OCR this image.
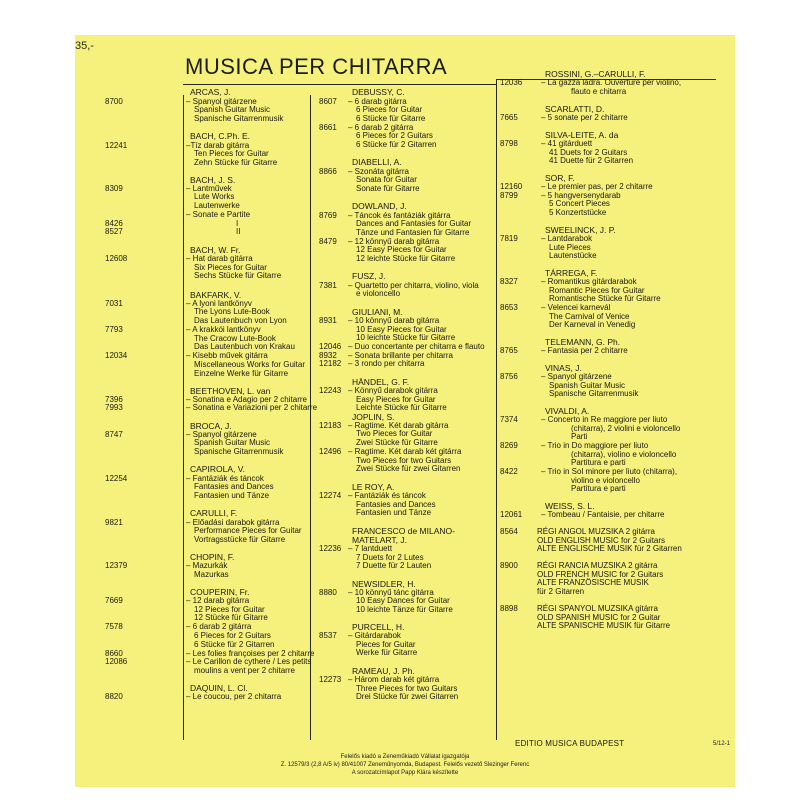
35,-
MUSICA PER CHITARRA
ARCAS, J.
8700	– Spanyol gitárzene
Spanish Guitar Music
Spanische Gitarrenmusik
BACH, C.Ph. E.
12241	–Tíz darab gitárra
Ten Pieces for Guitar
Zehn Stücke für Gitarre
BACH, J. S.
8309	– Lantművek
Lute Works
Lautenwerke
– Sonate e Partite
8426	I
8527	II
BACH, W. Fr.
12608	– Hat darab gitárra
Six Pieces for Guitar
Sechs Stücke für Gitarre
BAKFARK, V.
7031	– A lyoni lantkönyv
The Lyons Lute-Book
Das Lautenbuch von Lyon
7793	– A krakkói lantkönyv
The Cracow Lute-Book
Das Lautenbuch von Krakau
12034	– Kisebb művek gitárra
Miscellaneous Works for Guitar
Einzelne Werke für Gitarre
BEETHOVEN, L. van
7396	– Sonatina e Adagio per 2 chitarre
7993	– Sonatina e Variazioni per 2 chitarre
BROCA, J.
8747	– Spanyol gitárzene
Spanish Guitar Music
Spanische Gitarrenmusik
CAPIROLA, V.
12254	– Fantáziák és táncok
Fantasies and Dances
Fantasien und Tänze
CARULLI, F.
9821	– Előadási darabok gitárra
Performance Pieces for Guitar
Vortragsstücke für Gitarre
CHOPIN, F.
12379	– Mazurkák
Mazurkas
COUPERIN, Fr.
7669	– 12 darab gitárra
12 Pieces for Guitar
12 Stücke für Gitarre
7578	– 6 darab 2 gitárra
6 Pieces for 2 Guitars
6 Stücke für 2 Gitarren
8660	– Les folies françoises per 2 chitarre
12086	– Le Carillon de cythere / Les petits
moulins a vent per 2 chitarre
DAQUIN, L. Cl.
8820	– Le coucou, per 2 chitarra
DEBUSSY, C.
8607 – 6 darab gitárra
6 Pieces for Guitar
6 Stücke für Gitarre
8661 – 6 darab 2 gitárra
6 Pieces for 2 Guitars
6 Stücke für 2 Gitarren
DIABELLI, A.
8866 – Szonáta gitárra
Sonata for Guitar
Sonate für Gitarre
DOWLAND, J.
8769 – Táncok és fantáziák gitárra
Dances and Fantasies for Guitar
Tänze und Fantasien für Gitarre
8479 – 12 könnyű darab gitárra
12 Easy Pieces for Guitar
12 leichte Stücke für Gitarre
FUSZ, J.
7381 – Quartetto per chitarra, violino, viola
e violoncello
GIULIANI, M.
8931 – 10 könnyű darab gitárra
10 Easy Pieces for Guitar
10 leichte Stücke für Gitarre
12046 – Duo concertante per chitarra e flauto
8932 – Sonata brillante per chitarra
12182 – 3 rondo per chitarra
HÄNDEL, G. F.
12243 – Könnyű darabok gitárra
Easy Pieces for Guitar
Leichte Stücke für Gitarre
JOPLIN, S.
12183 – Ragtime. Két darab gitárra
Two Pieces for Guitar
Zwei Stücke für Gitarre
12496 – Ragtime. Két darab két gitárra
Two Pieces for two Guitars
Zwei Stücke für zwei Gitarren
LE ROY, A.
12274 – Fantáziák és táncok
Fantasies and Dances
Fantasien und Tänze
FRANCESCO de MILANO-
MATELART, J.
12236 – 7 lantduett
7 Duets for 2 Lutes
7 Duette für 2 Lauten
NEWSIDLER, H.
8880 – 10 könnyű tánc gitárra
10 Easy Dances for Guitar
10 leichte Tänze für Gitarre
PURCELL, H.
8537 – Gitárdarabok
Pieces for Guitar
Werke für Gitarre
RAMEAU, J. Ph.
12273 – Három darab két gitárra
Three Pieces for two Guitars
Drei Stücke für zwei Gitarren
ROSSINI, G.–CARULLI, F.
12036 – La gazza ladra. Ouverture per violino,
flauto e chitarra
SCARLATTI, D.
7665	– 5 sonate per 2 chitarre
SILVA-LEITE, A. da
8798	– 41 gitárduett
41 Duets for 2 Guitars
41 Duette für 2 Gitarren
SOR, F.
12160 – Le premier pas, per 2 chitarre
8799	– 5 hangversenydarab
5 Concert Pieces
5 Konzertstücke
SWEELINCK, J. P.
7819	– Lantdarabok
Lute Pieces
Lautenstücke
TÁRREGA, F.
8327	– Romantikus gitárdarabok
Romantic Pieces for Guitar
Romantische Stücke für Gitarre
8653	– Velencei karnevál
The Carnival of Venice
Der Karneval in Venedig
TELEMANN, G. Ph.
8765	– Fantasia per 2 chitarre
VINAS, J.
8756	– Spanyol gitárzene
Spanish Guitar Music
Spanische Gitarrenmusik
VIVALDI, A.
7374	– Concerto in Re maggiore per liuto
(chitarra), 2 violini e violoncello
Parti
8269	– Trio in Do maggiore per liuto
(chitarra), violino e violoncello
Partitura e parti
8422	– Trio in Sol minore per liuto (chitarra),
violino e violoncello
Partitura e parti
WEISS, S. L.
12061 – Tombeau / Fantaisie, per chitarre
8564 RÉGI ANGOL MUZSIKA 2 gitárra
OLD ENGLISH MUSIC for 2 Guitars
ALTE ENGLISCHE MUSIK für 2 Gitarren
8900 RÉGI RANCIA MUZSIKA 2 gitárra
OLD FRENCH MUSIC for 2 Guitars
ALTE FRANZÖSISCHE MUSIK
für 2 Gitarren
8898 RÉGI SPANYOL MUZSIKA gitárra
OLD SPANISH MUSIC for 2 Guitar
ALTE SPANISCHE MUSIK für Gitarre
EDITIO MUSICA BUDAPEST	5/12-1
Felelős kiadó a Zeneműkiadó Vállalat igazgatója
Z. 12579/3 (2,8 A/5 iv) 80/41007 Zeneműnyomda, Budapest. Felelős vezető Slezinger Ferenc
A sorozatcímlapot Papp Klára készítette
